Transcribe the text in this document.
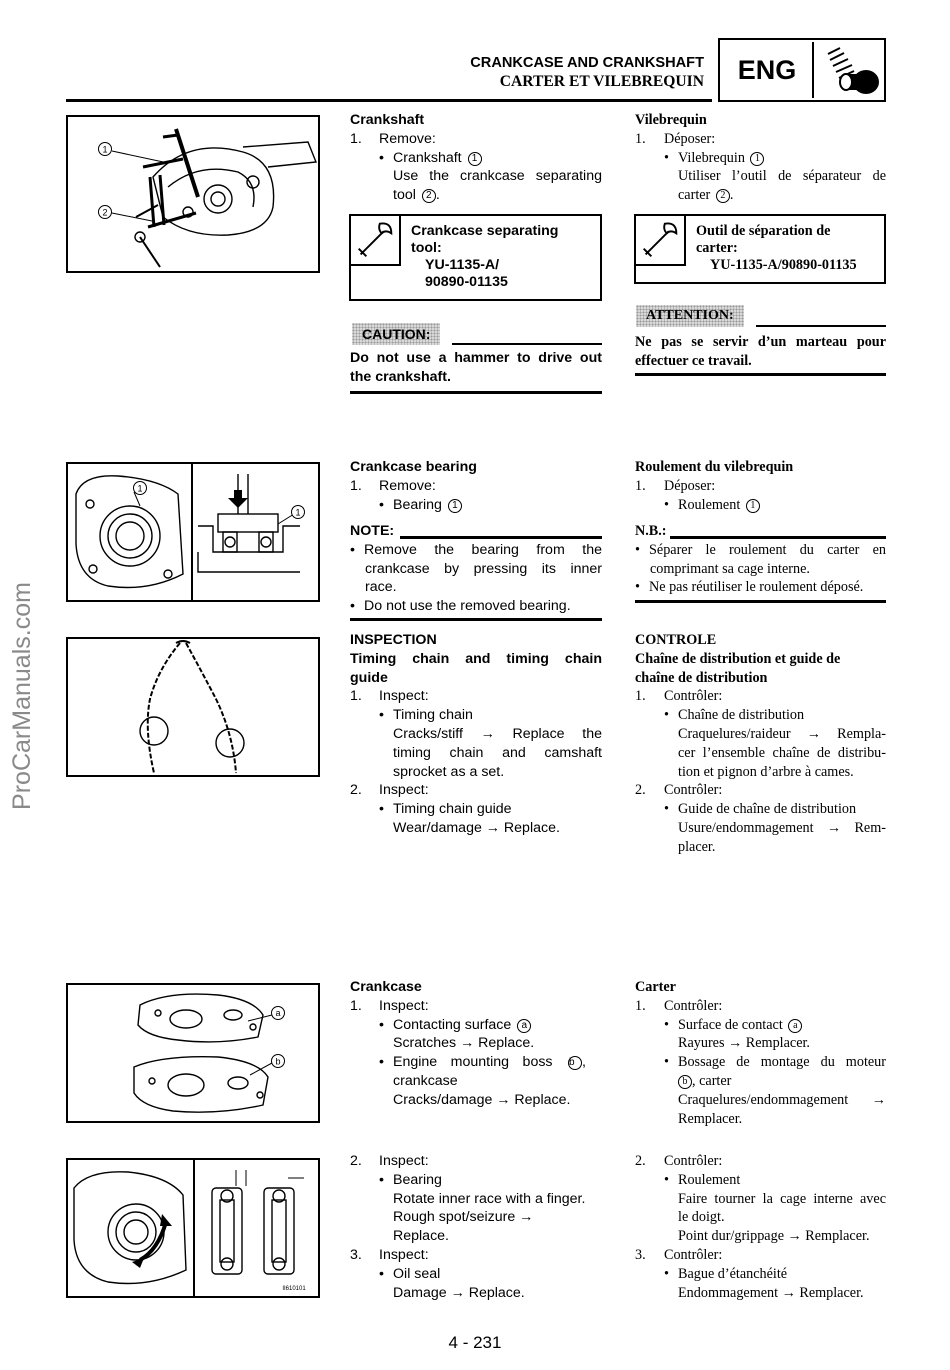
CRANKCASE AND CRANKSHAFT
CARTER ET VILEBREQUIN	ENG
ProCarManuals.com
1
2
1
1
a
b
II610101

Crankshaft

1. Remove:

• Crankshaft 1

Use the crankcase separating

tool 2 .

Crankcase separating
tool:
YU-1135-A/
90890-01135
CAUTION:

Do not use a hammer to drive out

the crankshaft.

Crankcase bearing

1. Remove:

• Bearing 1

NOTE:

• Remove the bearing from the

crankcase by pressing its inner

race.

• Do not use the removed bearing.

INSPECTION

Timing chain and timing chain

guide

1. Inspect:

• Timing chain

Cracks/stiff → Replace the

timing chain and camshaft

sprocket as a set.

2. Inspect:

• Timing chain guide

Wear/damage → Replace.

Crankcase

1. Inspect:

• Contacting surface a

Scratches → Replace.

• Engine mounting boss b ,

crankcase

Cracks/damage → Replace.

2. Inspect:

• Bearing

Rotate inner race with a finger.

Rough spot/seizure →

Replace.

3. Inspect:

• Oil seal

Damage → Replace.

Vilebrequin

1. Déposer:

• Vilebrequin 1

Utiliser l’outil de séparateur de

carter 2 .

Outil de séparation de
carter:
YU-1135-A/90890-01135
ATTENTION:

Ne pas se servir d’un marteau pour

effectuer ce travail.

Roulement du vilebrequin

1. Déposer:

• Roulement 1

N.B.:

• Séparer le roulement du carter en

comprimant sa cage interne.

• Ne pas réutiliser le roulement déposé.

CONTROLE

Chaîne de distribution et guide de

chaîne de distribution

1. Contrôler:

• Chaîne de distribution

Craquelures/raideur → Rempla-

cer l’ensemble chaîne de distribu-

tion et pignon d’arbre à cames.

2. Contrôler:

• Guide de chaîne de distribution

Usure/endommagement → Rem-

placer.

Carter

1. Contrôler:

• Surface de contact a

Rayures → Remplacer.

• Bossage de montage du moteur

b , carter

Craquelures/endommagement →

Remplacer.

2. Contrôler:

• Roulement

Faire tourner la cage interne avec

le doigt.

Point dur/grippage → Remplacer.

3. Contrôler:

• Bague d’étanchéité

Endommagement → Remplacer.

4 - 231
